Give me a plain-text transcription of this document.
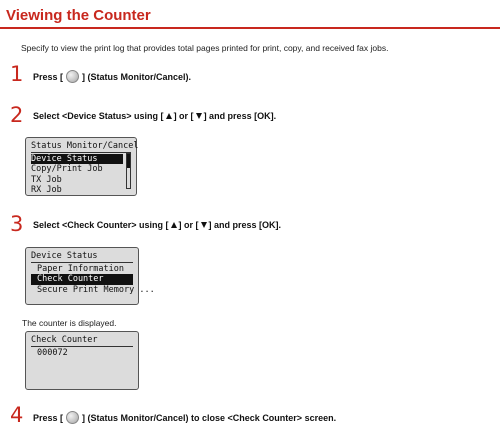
Viewing the Counter
Specify to view the print log that provides total pages printed for print, copy, and received fax jobs.
1 Press [ ] (Status Monitor/Cancel).
2 Select <Device Status> using [ ] or [ ] and press [OK].
Status Monitor/Cancel
Device Status
Copy/Print Job
TX Job
RX Job
3 Select <Check Counter> using [ ] or [ ] and press [OK].
Device Status
Paper Information
Check Counter
Secure Print Memory ...
The counter is displayed.
Check Counter
000072
4 Press [ ] (Status Monitor/Cancel) to close <Check Counter> screen.
